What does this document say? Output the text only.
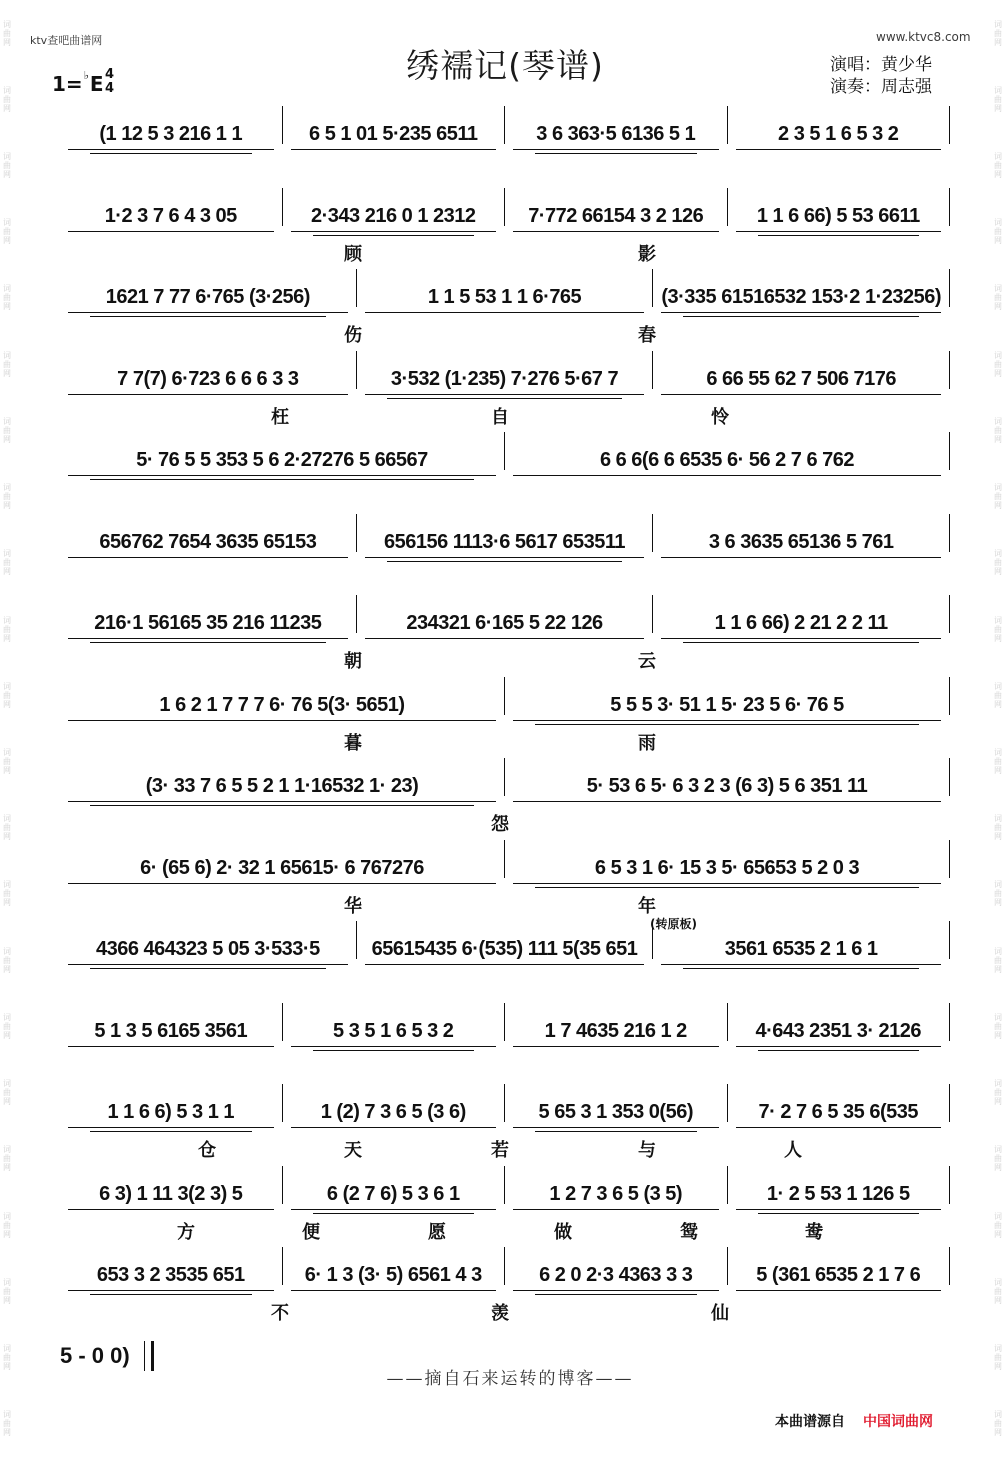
词曲网
词曲网
词曲网
词曲网
词曲网
词曲网
词曲网
词曲网
词曲网
词曲网
词曲网
词曲网
词曲网
词曲网
词曲网
词曲网
词曲网
词曲网
词曲网
词曲网
词曲网
词曲网
词曲网
词曲网
词曲网
词曲网
词曲网
词曲网
词曲网
词曲网
词曲网
词曲网
词曲网
词曲网
词曲网
词曲网
词曲网
词曲网
词曲网
词曲网
词曲网
词曲网
词曲网
词曲网
ktv查吧曲谱网	www.ktvc8.com
绣襦记(琴谱)
1=♭E 4
4
演唱：黄少华
演奏：周志强
(1 12 5 3 216 1 1	6 5 1 01 5·235 6511	3 6 363·5 6136 5 1	2 3 5 1 6 5 3 2
1·2 3 7 6 4 3 05	2·343 216 0 1 2312	7·772 66154 3 2 126	1 1 6 66) 5 53 6611
顾	影
1621 7 77 6·765 (3·256)	1 1 5 53 1 1 6·765	(3·335 61516532 153·2 1·23256)
伤	春
7 7(7) 6·723 6 6 6 3 3	3·532 (1·235) 7·276 5·67 7	6 66 55 62 7 506 7176
枉	自	怜
5· 76 5 5 353 5 6 2·27276 5 66567	6 6 6(6 6 6535 6· 56 2 7 6 762
656762 7654 3635 65153	656156 1113·6 5617 653511	3 6 3635 65136 5 761
216·1 56165 35 216 11235	234321 6·165 5 22 126	1 1 6 66) 2 21 2 2 11
朝	云
1 6 2 1 7 7 7 6· 76 5(3· 5651)	5 5 5 3· 51 1 5· 23 5 6· 76 5
暮	雨
(3· 33 7 6 5 5 2 1 1·16532 1· 23)	5· 53 6 5· 6 3 2 3 (6 3) 5 6 351 11
怨
6· (65 6) 2· 32 1 65615· 6 767276	6 5 3 1 6· 15 3 5· 65653 5 2 0 3
华	年
4366 464323 5 05 3·533·5	65615435 6·(535) 111 5(35 651	3561 6535 2 1 6 1
(转原板)
5 1 3 5 6165 3561	5 3 5 1 6 5 3 2	1 7 4635 216 1 2	4·643 2351 3· 2126
1 1 6 6) 5 3 1 1	1 (2) 7 3 6 5 (3 6)	5 65 3 1 353 0(56)	7· 2 7 6 5 35 6(535
仓	天	若	与	人
6 3) 1 11 3(2 3) 5	6 (2 7 6) 5 3 6 1	1 2 7 3 6 5 (3 5)	1· 2 5 53 1 126 5
方	便	愿	做	鸳	鸯
653 3 2 3535 651	6· 1 3 (3· 5) 6561 4 3	6 2 0 2·3 4363 3 3	5 (361 6535 2 1 7 6
不	羡	仙
5 - 0 0)
——摘自石来运转的博客——
本曲谱源自 中国词曲网
